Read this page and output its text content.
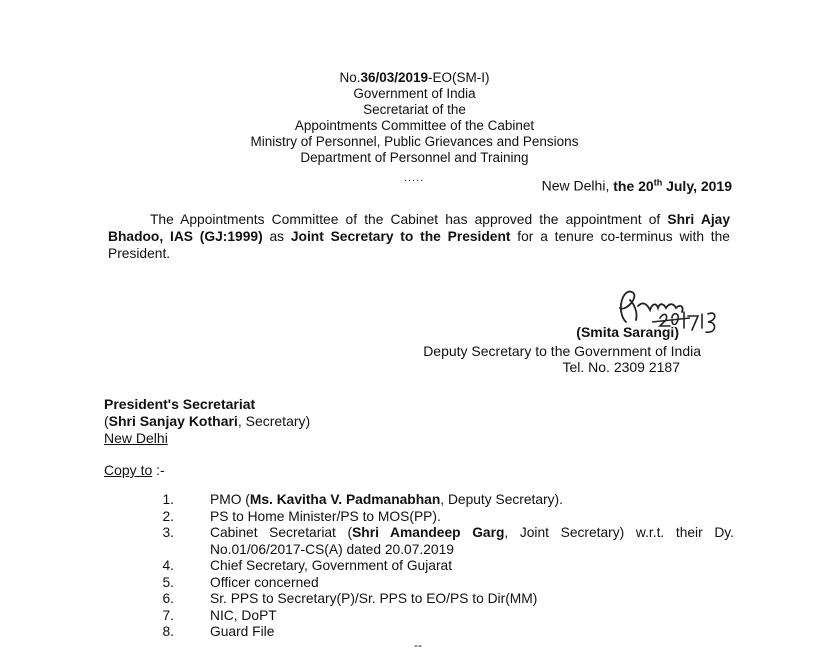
No.36/03/2019-EO(SM-I)
Government of India
Secretariat of the
Appointments Committee of the Cabinet
Ministry of Personnel, Public Grievances and Pensions
Department of Personnel and Training
.....	New Delhi, the 20th July, 2019
The Appointments Committee of the Cabinet has approved the appointment of Shri Ajay Bhadoo, IAS (GJ:1999) as Joint Secretary to the President for a tenure co-terminus with the President.
(Smita Sarangi)
Deputy Secretary to the Government of India
Tel. No. 2309 2187
President's Secretariat
(Shri Sanjay Kothari, Secretary)
New Delhi
Copy to :-
1.	PMO (Ms. Kavitha V. Padmanabhan, Deputy Secretary).
2.	PS to Home Minister/PS to MOS(PP).
3.	Cabinet Secretariat (Shri Amandeep Garg, Joint Secretary) w.r.t. their Dy. No.01/06/2017-CS(A) dated 20.07.2019
4.	Chief Secretary, Government of Gujarat
5.	Officer concerned
6.	Sr. PPS to Secretary(P)/Sr. PPS to EO/PS to Dir(MM)
7.	NIC, DoPT
8.	Guard File
--
